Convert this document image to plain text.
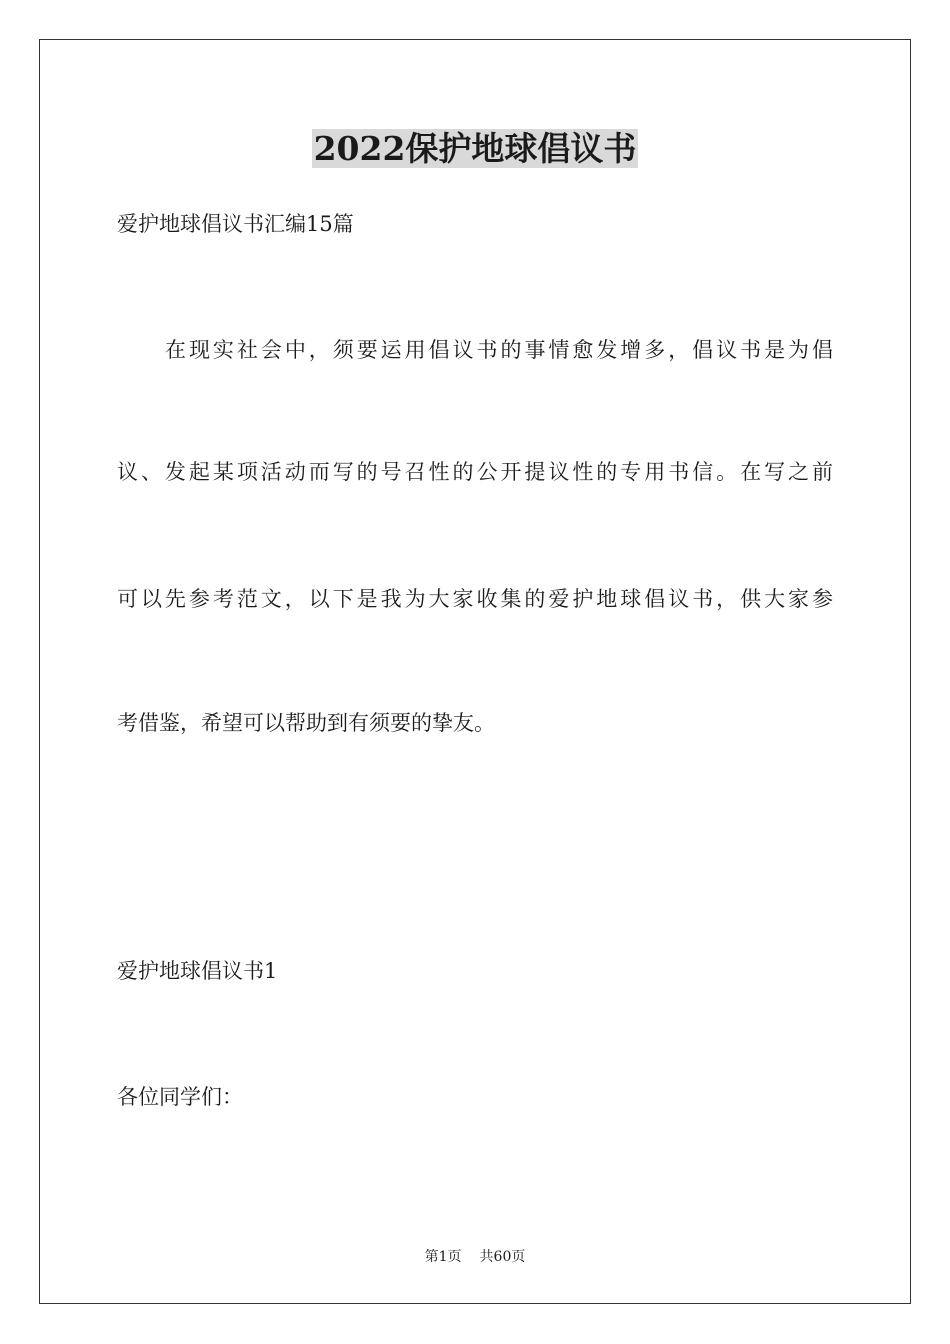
2022保护地球倡议书
爱护地球倡议书汇编15篇
在现实社会中，须要运用倡议书的事情愈发增多，倡议书是为倡
议、发起某项活动而写的号召性的公开提议性的专用书信。在写之前
可以先参考范文，以下是我为大家收集的爱护地球倡议书，供大家参
考借鉴，希望可以帮助到有须要的挚友。
爱护地球倡议书1
各位同学们：
第1页 共60页
